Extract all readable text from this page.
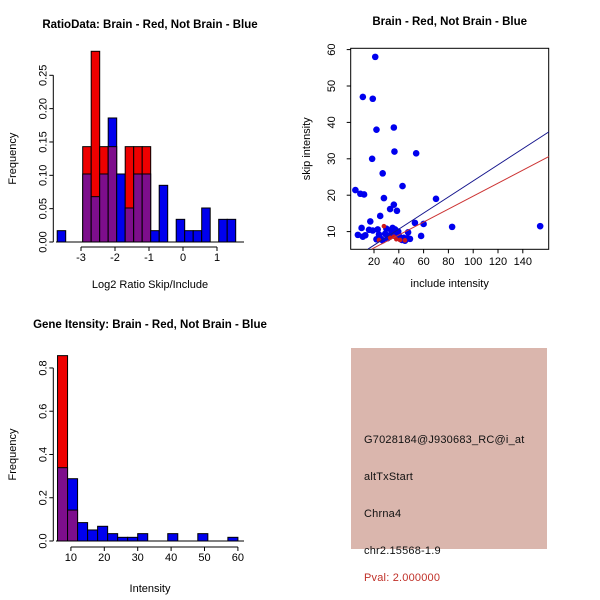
0.00
0.05
0.10
0.15
0.20
0.25
-3 -2 -1 0	1
RatioData: Brain - Red, Not Brain - Blue
Log2 Ratio Skip/Include
Frequency
20 40 60 80 100 120 140
10
20
30
40
50
60
Brain - Red, Not Brain - Blue
include intensity
skip intensity
0.0
0.2
0.4
0.6
0.8
10 20 30 40 50 60
Gene Itensity: Brain - Red, Not Brain - Blue
Intensity
Frequency	G7028184@J930683_RC@i_at
altTxStart
Chrna4
chr2.15568-1.9
Pval: 2.000000
